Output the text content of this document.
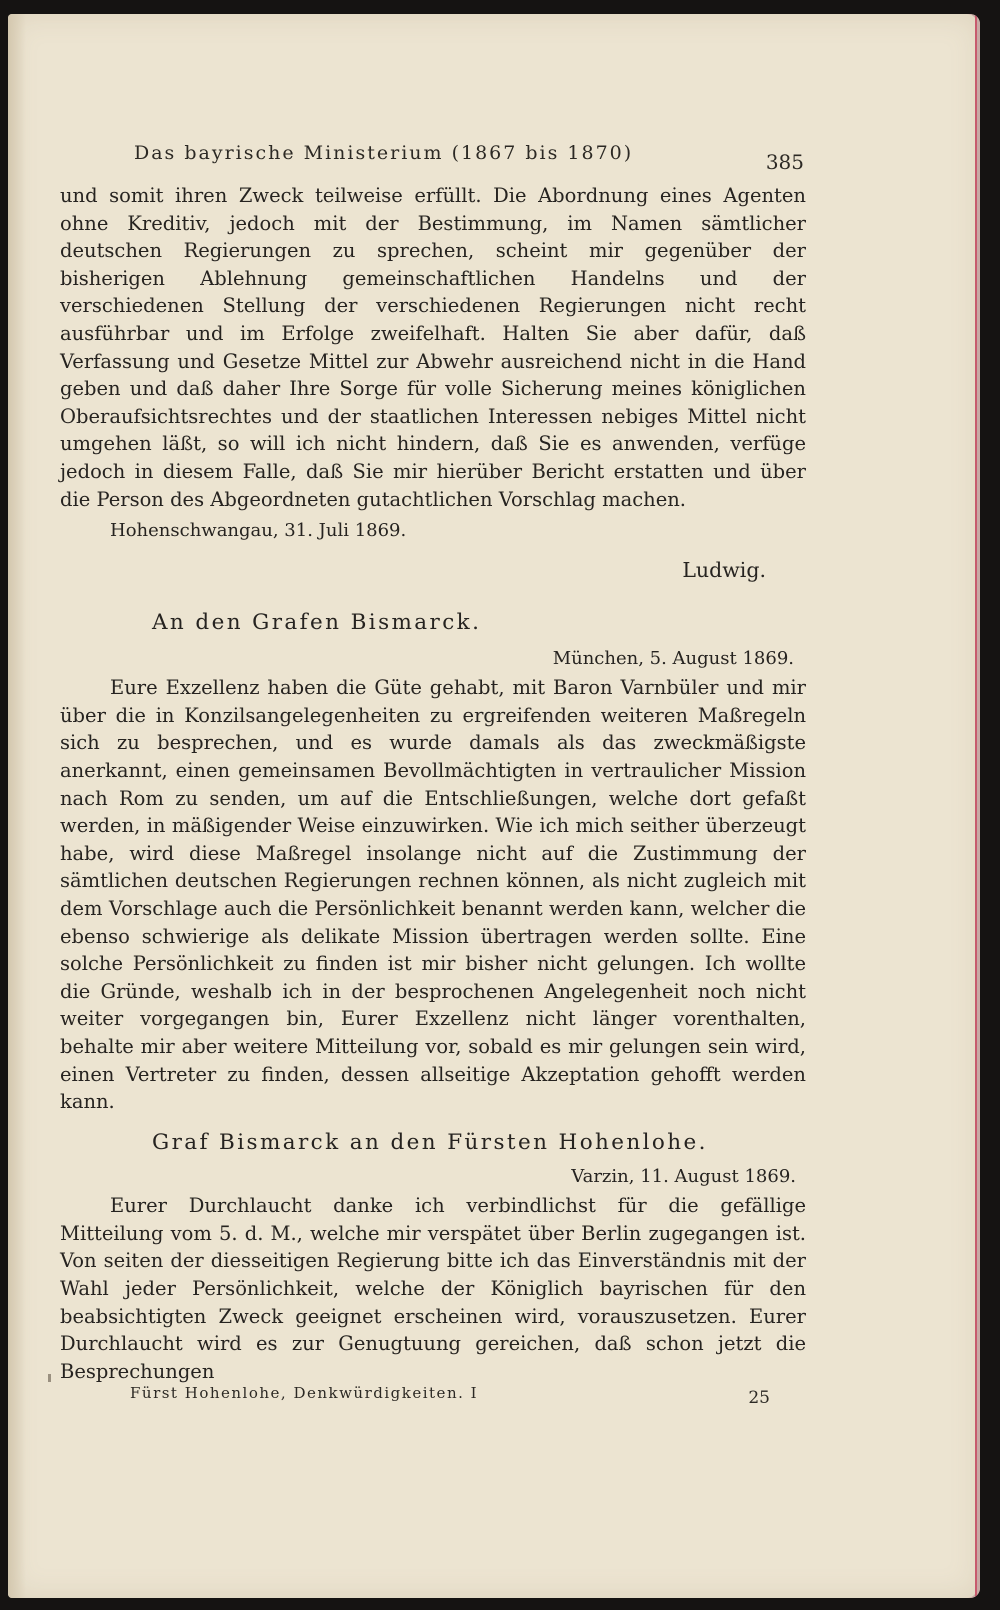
Das bayrische Ministerium (1867 bis 1870)	385

und somit ihren Zweck teilweise erfüllt. Die Abordnung eines Agenten ohne Kreditiv, jedoch mit der Bestimmung, im Namen sämtlicher deutschen Regierungen zu sprechen, scheint mir gegenüber der bisherigen Ablehnung gemeinschaftlichen Handelns und der verschiedenen Stellung der verschiedenen Regierungen nicht recht ausführbar und im Erfolge zweifelhaft. Halten Sie aber dafür, daß Verfassung und Gesetze Mittel zur Abwehr ausreichend nicht in die Hand geben und daß daher Ihre Sorge für volle Sicherung meines königlichen Oberaufsichtsrechtes und der staatlichen Interessen nebiges Mittel nicht umgehen läßt, so will ich nicht hindern, daß Sie es anwenden, verfüge jedoch in diesem Falle, daß Sie mir hierüber Bericht erstatten und über die Person des Abgeordneten gutachtlichen Vorschlag machen.

Hohenschwangau, 31. Juli 1869.

Ludwig.

An den Grafen Bismarck.

München, 5. August 1869.

Eure Exzellenz haben die Güte gehabt, mit Baron Varnbüler und mir über die in Konzilsangelegenheiten zu ergreifenden weiteren Maßregeln sich zu besprechen, und es wurde damals als das zweckmäßigste anerkannt, einen gemeinsamen Bevollmächtigten in vertraulicher Mission nach Rom zu senden, um auf die Entschließungen, welche dort gefaßt werden, in mäßigender Weise einzuwirken. Wie ich mich seither überzeugt habe, wird diese Maßregel insolange nicht auf die Zustimmung der sämtlichen deutschen Regierungen rechnen können, als nicht zugleich mit dem Vorschlage auch die Persönlichkeit benannt werden kann, welcher die ebenso schwierige als delikate Mission übertragen werden sollte. Eine solche Persönlichkeit zu finden ist mir bisher nicht gelungen. Ich wollte die Gründe, weshalb ich in der besprochenen Angelegenheit noch nicht weiter vorgegangen bin, Eurer Exzellenz nicht länger vorenthalten, behalte mir aber weitere Mitteilung vor, sobald es mir gelungen sein wird, einen Vertreter zu finden, dessen allseitige Akzeptation gehofft werden kann.

Graf Bismarck an den Fürsten Hohenlohe.

Varzin, 11. August 1869.

Eurer Durchlaucht danke ich verbindlichst für die gefällige Mitteilung vom 5. d. M., welche mir verspätet über Berlin zugegangen ist. Von seiten der diesseitigen Regierung bitte ich das Einverständnis mit der Wahl jeder Persönlichkeit, welche der Königlich bayrischen für den beabsichtigten Zweck geeignet erscheinen wird, vorauszusetzen. Eurer Durchlaucht wird es zur Genugtuung gereichen, daß schon jetzt die Besprechungen

Fürst Hohenlohe, Denkwürdigkeiten. I	25
